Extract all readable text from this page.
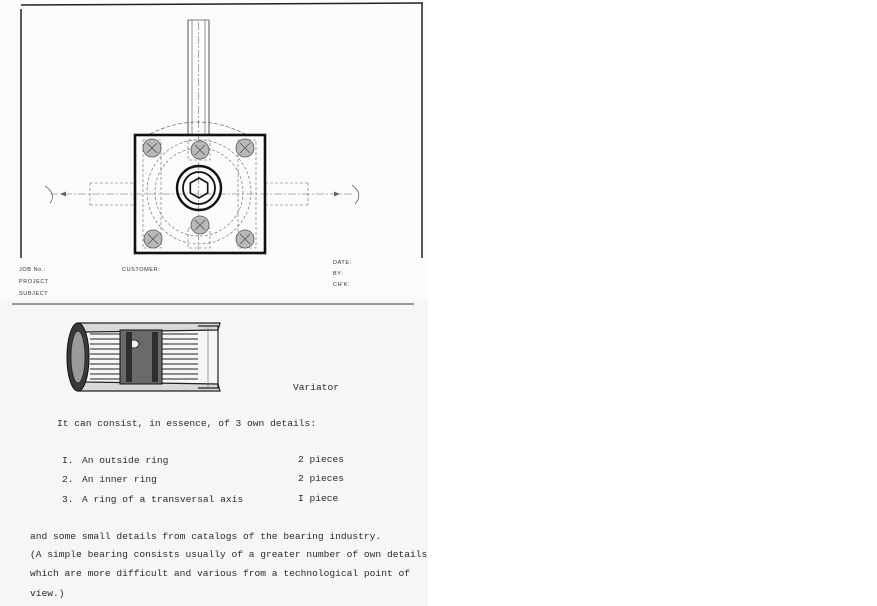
JOB No.:
PROJECT
SUBJECT
CUSTOMER:
DATE:
BY:
CH'K:
Variator
It can consist, in essence, of 3 own details:
I. An outside ring	2 pieces
2. An inner ring	2 pieces
3. A ring of a transversal axis	I piece
and some small details from catalogs of the bearing industry.
(A simple bearing consists usually of a greater number of own details
which are more difficult and various from a technological point of
view.)
